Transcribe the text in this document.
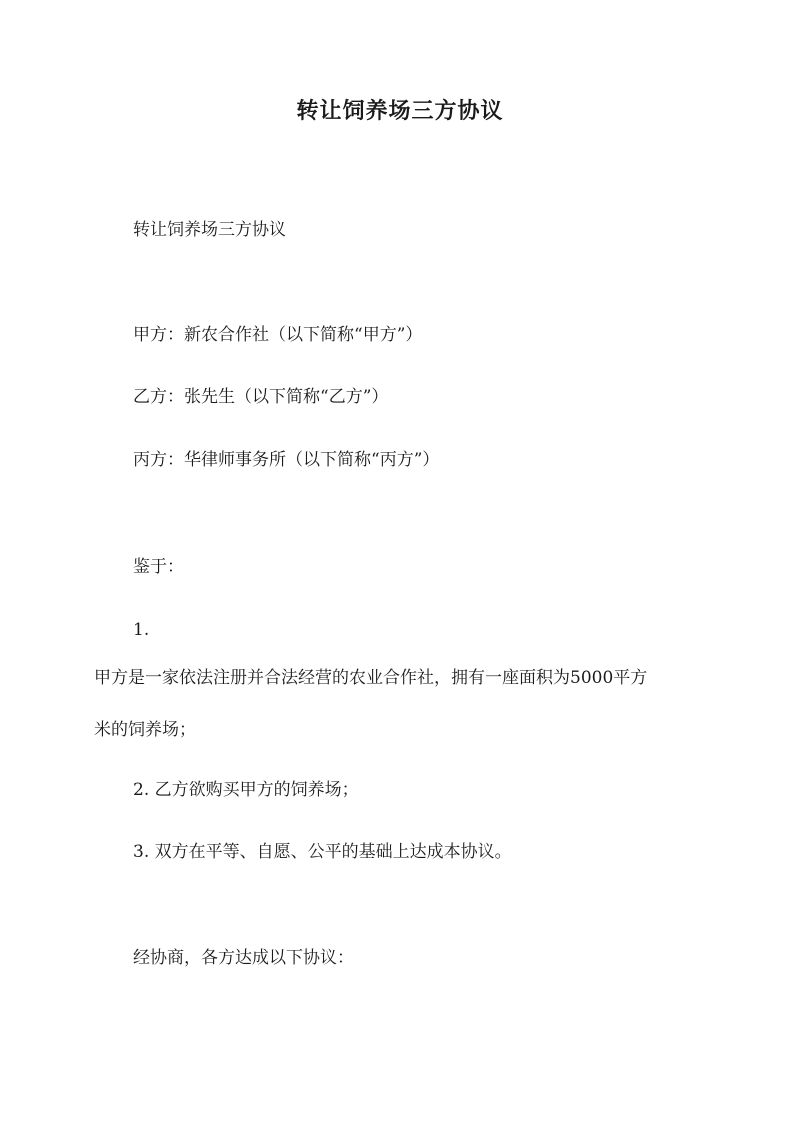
转让饲养场三方协议
转让饲养场三方协议
甲方：新农合作社（以下简称“甲方”）
乙方：张先生（以下简称“乙方”）
丙方：华律师事务所（以下简称“丙方”）
鉴于：
1.
甲方是一家依法注册并合法经营的农业合作社，拥有一座面积为5000平方
米的饲养场；
2. 乙方欲购买甲方的饲养场；
3. 双方在平等、自愿、公平的基础上达成本协议。
经协商，各方达成以下协议：
